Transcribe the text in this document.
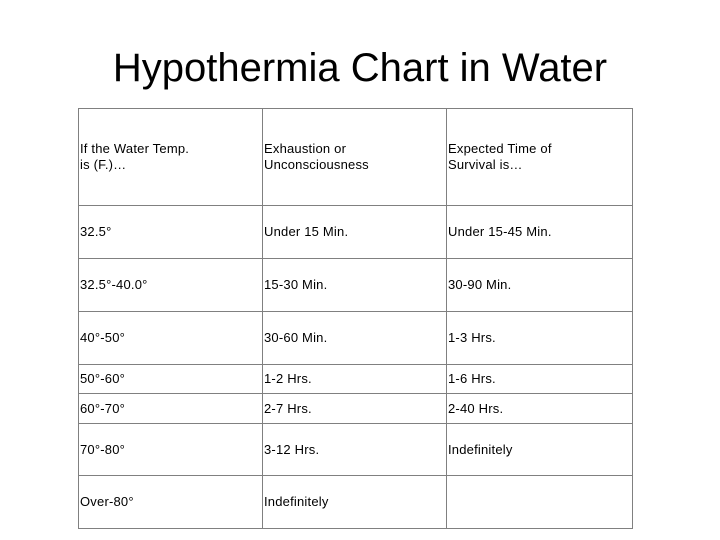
Hypothermia Chart in Water
If the Water Temp. is (F.)…	Exhaustion or Unconsciousness	Expected Time of Survival is…

32.5°	Under 15 Min.	Under 15-45 Min.
32.5°-40.0°	15-30 Min.	30-90 Min.
40°-50°	30-60 Min.	1-3 Hrs.
50°-60°	1-2 Hrs.	1-6 Hrs.
60°-70°	2-7 Hrs.	2-40 Hrs.
70°-80°	3-12 Hrs.	Indefinitely
Over-80°	Indefinitely	
